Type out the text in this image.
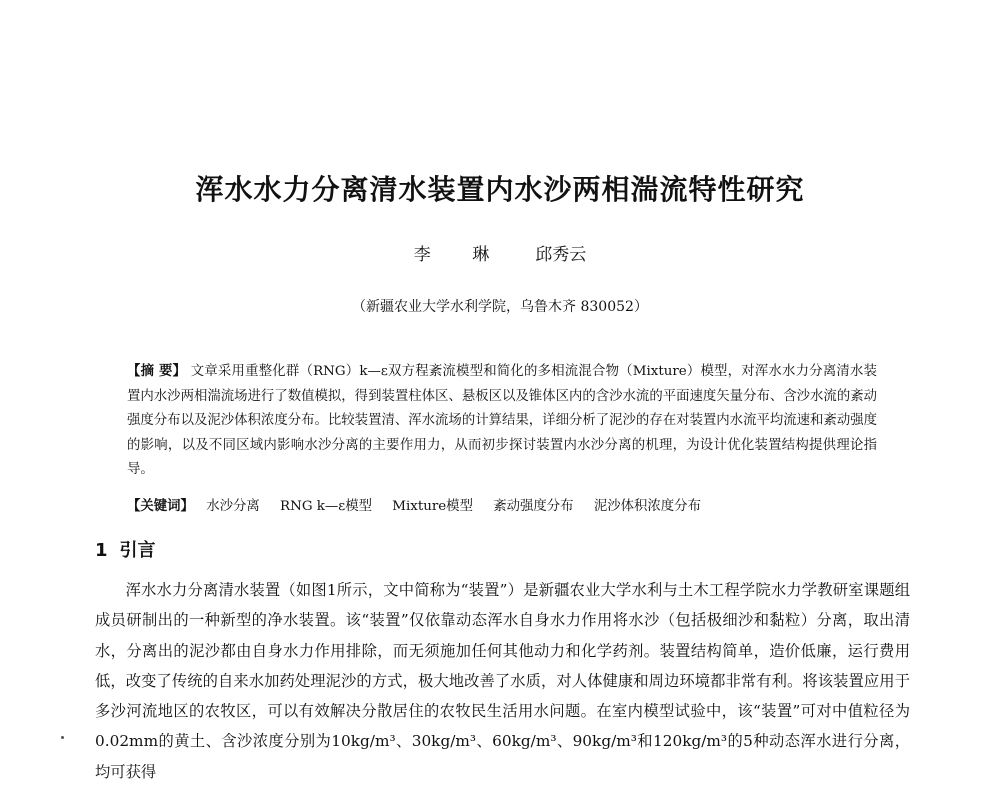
浑水水力分离清水装置内水沙两相湍流特性研究
李 琳 邱秀云
（新疆农业大学水利学院，乌鲁木齐 830052）
【摘 要】 文章采用重整化群（RNG）k—ε双方程紊流模型和简化的多相流混合物（Mixture）模型，对浑水水力分离清水装置内水沙两相湍流场进行了数值模拟，得到装置柱体区、悬板区以及锥体区内的含沙水流的平面速度矢量分布、含沙水流的紊动强度分布以及泥沙体积浓度分布。比较装置清、浑水流场的计算结果，详细分析了泥沙的存在对装置内水流平均流速和紊动强度的影响，以及不同区域内影响水沙分离的主要作用力，从而初步探讨装置内水沙分离的机理，为设计优化装置结构提供理论指导。
【关键词】 水沙分离 RNG k—ε模型 Mixture模型 紊动强度分布 泥沙体积浓度分布
1 引言

浑水水力分离清水装置（如图1所示，文中简称为“装置”）是新疆农业大学水利与土木工程学院水力学教研室课题组成员研制出的一种新型的净水装置。该“装置”仅依靠动态浑水自身水力作用将水沙（包括极细沙和黏粒）分离，取出清水，分离出的泥沙都由自身水力作用排除，而无须施加任何其他动力和化学药剂。装置结构简单，造价低廉，运行费用低，改变了传统的自来水加药处理泥沙的方式，极大地改善了水质，对人体健康和周边环境都非常有利。将该装置应用于多沙河流地区的农牧区，可以有效解决分散居住的农牧民生活用水问题。在室内模型试验中，该“装置”可对中值粒径为0.02mm的黄土、含沙浓度分别为10kg/m³、30kg/m³、60kg/m³、90kg/m³和120kg/m³的5种动态浑水进行分离，均可获得
